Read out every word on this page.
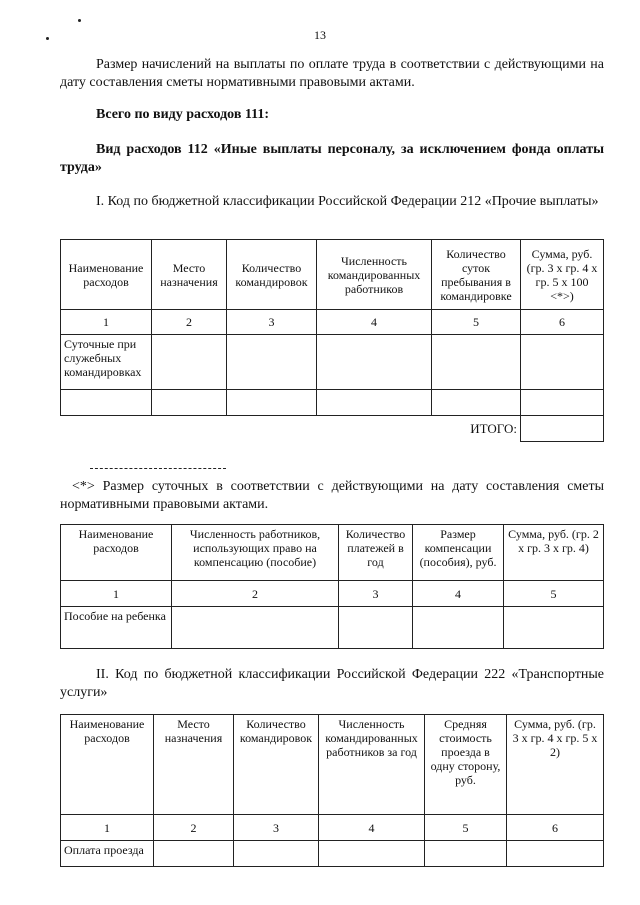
13
Размер начислений на выплаты по оплате труда в соответствии с действующими на дату составления сметы нормативными правовыми актами.
Всего по виду расходов 111:
Вид расходов 112 «Иные выплаты персоналу, за исключением фонда оплаты труда»
I. Код по бюджетной классификации Российской Федерации 212 «Прочие выплаты»
Наименование расходов	Место назначения	Количество командировок	Численность командированных работников	Количество суток пребывания в командировке	Сумма, руб. (гр. 3 x гр. 4 x гр. 5 x 100 <*>)
1	2	3	4	5	6
Суточные при служебных командировках					

				ИТОГО:	
<*> Размер суточных в соответствии с действующими на дату составления сметы нормативными правовыми актами.
Наименование расходов	Численность работников, использующих право на компенсацию (пособие)	Количество платежей в год	Размер компенсации (пособия), руб.	Сумма, руб. (гр. 2 x гр. 3 x гр. 4)
1	2	3	4	5
Пособие на ребенка				
II. Код по бюджетной классификации Российской Федерации 222 «Транспортные услуги»
Наименование расходов	Место назначения	Количество командировок	Численность командированных работников за год	Средняя стоимость проезда в одну сторону, руб.	Сумма, руб. (гр. 3 x гр. 4 x гр. 5 x 2)
1	2	3	4	5	6
Оплата проезда					
